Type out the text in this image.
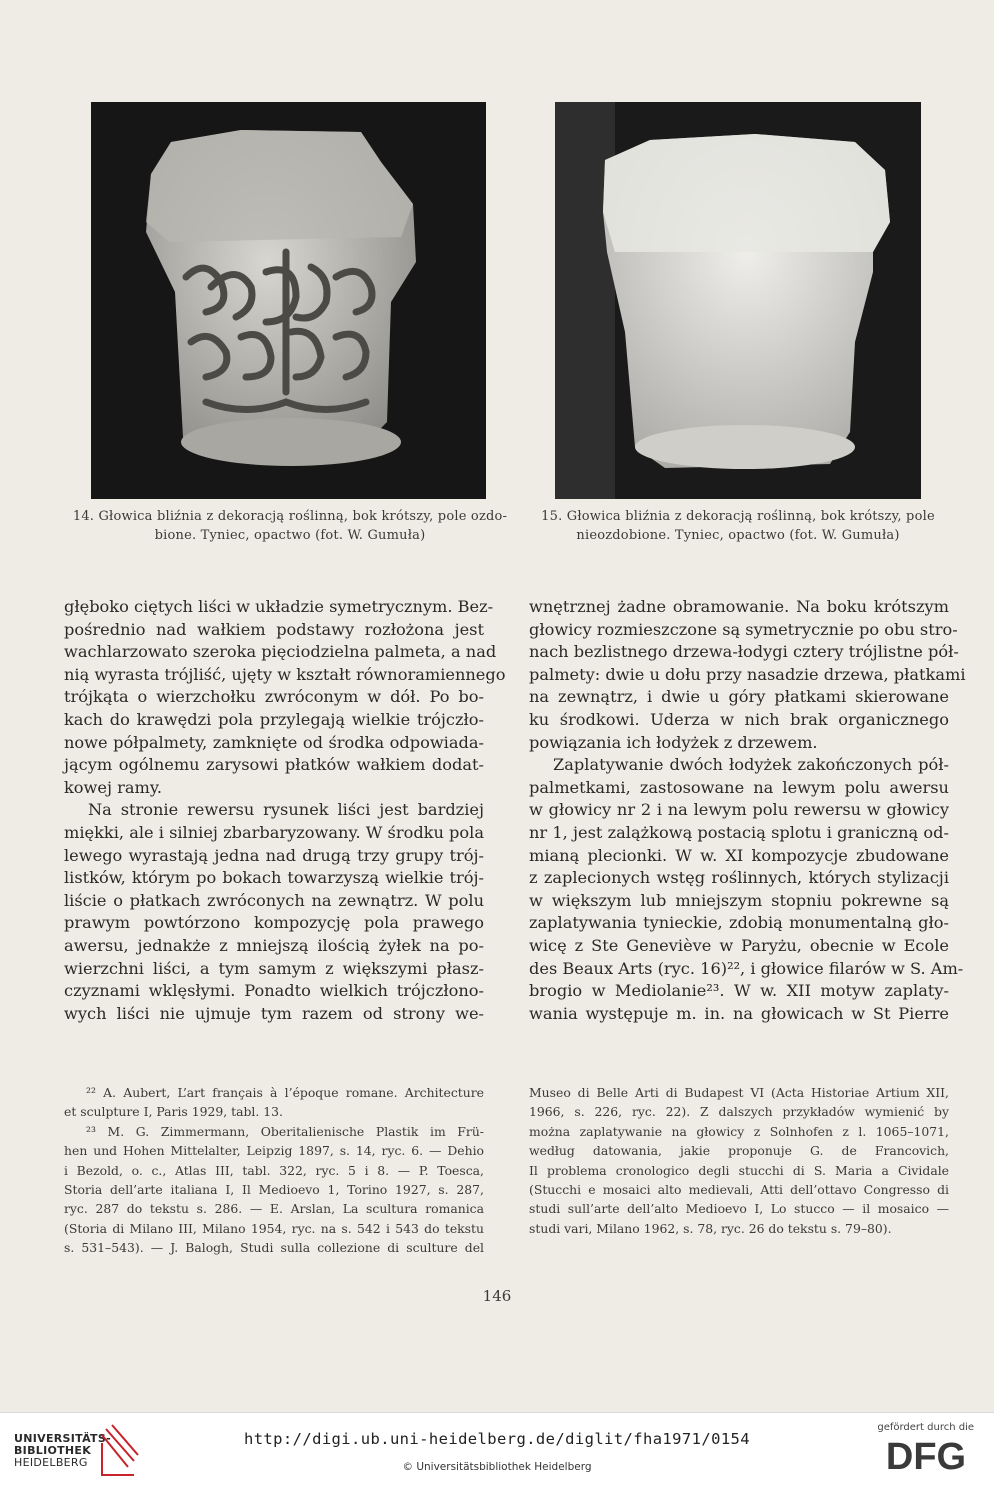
14. Głowica bliźnia z dekoracją roślinną, bok krótszy, pole ozdo-
bione. Tyniec, opactwo (fot. W. Gumuła)
15. Głowica bliźnia z dekoracją roślinną, bok krótszy, pole
nieozdobione. Tyniec, opactwo (fot. W. Gumuła)
głęboko ciętych liści w układzie symetrycznym. Bez-
pośrednio nad wałkiem podstawy rozłożona jest
wachlarzowato szeroka pięciodzielna palmeta, a nad
nią wyrasta trójliść, ujęty w kształt równoramiennego
trójkąta o wierzchołku zwróconym w dół. Po bo-
kach do krawędzi pola przylegają wielkie trójczło-
nowe półpalmety, zamknięte od środka odpowiada-
jącym ogólnemu zarysowi płatków wałkiem dodat-
kowej ramy.
Na stronie rewersu rysunek liści jest bardziej
miękki, ale i silniej zbarbaryzowany. W środku pola
lewego wyrastają jedna nad drugą trzy grupy trój-
listków, którym po bokach towarzyszą wielkie trój-
liście o płatkach zwróconych na zewnątrz. W polu
prawym powtórzono kompozycję pola prawego
awersu, jednakże z mniejszą ilością żyłek na po-
wierzchni liści, a tym samym z większymi płasz-
czyznami wklęsłymi. Ponadto wielkich trójczłono-
wych liści nie ujmuje tym razem od strony we-
wnętrznej żadne obramowanie. Na boku krótszym
głowicy rozmieszczone są symetrycznie po obu stro-
nach bezlistnego drzewa-łodygi cztery trójlistne pół-
palmety: dwie u dołu przy nasadzie drzewa, płatkami
na zewnątrz, i dwie u góry płatkami skierowane
ku środkowi. Uderza w nich brak organicznego
powiązania ich łodyżek z drzewem.
Zaplatywanie dwóch łodyżek zakończonych pół-
palmetkami, zastosowane na lewym polu awersu
w głowicy nr 2 i na lewym polu rewersu w głowicy
nr 1, jest zalążkową postacią splotu i graniczną od-
mianą plecionki. W w. XI kompozycje zbudowane
z zaplecionych wstęg roślinnych, których stylizacji
w większym lub mniejszym stopniu pokrewne są
zaplatywania tynieckie, zdobią monumentalną gło-
wicę z Ste Geneviève w Paryżu, obecnie w Ecole
des Beaux Arts (ryc. 16)²², i głowice filarów w S. Am-
brogio w Mediolanie²³. W w. XII motyw zaplaty-
wania występuje m. in. na głowicach w St Pierre
²² A. Aubert, L’art français à l’époque romane. Architecture
et sculpture I, Paris 1929, tabl. 13.
²³ M. G. Zimmermann, Oberitalienische Plastik im Frü-
hen und Hohen Mittelalter, Leipzig 1897, s. 14, ryc. 6. — Dehio
i Bezold, o. c., Atlas III, tabl. 322, ryc. 5 i 8. — P. Toesca,
Storia dell’arte italiana I, Il Medioevo 1, Torino 1927, s. 287,
ryc. 287 do tekstu s. 286. — E. Arslan, La scultura romanica
(Storia di Milano III, Milano 1954, ryc. na s. 542 i 543 do tekstu
s. 531–543). — J. Balogh, Studi sulla collezione di sculture del
Museo di Belle Arti di Budapest VI (Acta Historiae Artium XII,
1966, s. 226, ryc. 22). Z dalszych przykładów wymienić by
można zaplatywanie na głowicy z Solnhofen z l. 1065–1071,
według datowania, jakie proponuje G. de Francovich,
Il problema cronologico degli stucchi di S. Maria a Cividale
(Stucchi e mosaici alto medievali, Atti dell’ottavo Congresso di
studi sull’arte dell’alto Medioevo I, Lo stucco — il mosaico —
studi vari, Milano 1962, s. 78, ryc. 26 do tekstu s. 79–80).
146
UNIVERSITÄTS-
BIBLIOTHEK
HEIDELBERG
http://digi.ub.uni-heidelberg.de/diglit/fha1971/0154
© Universitätsbibliothek Heidelberg
gefördert durch die
DFG
